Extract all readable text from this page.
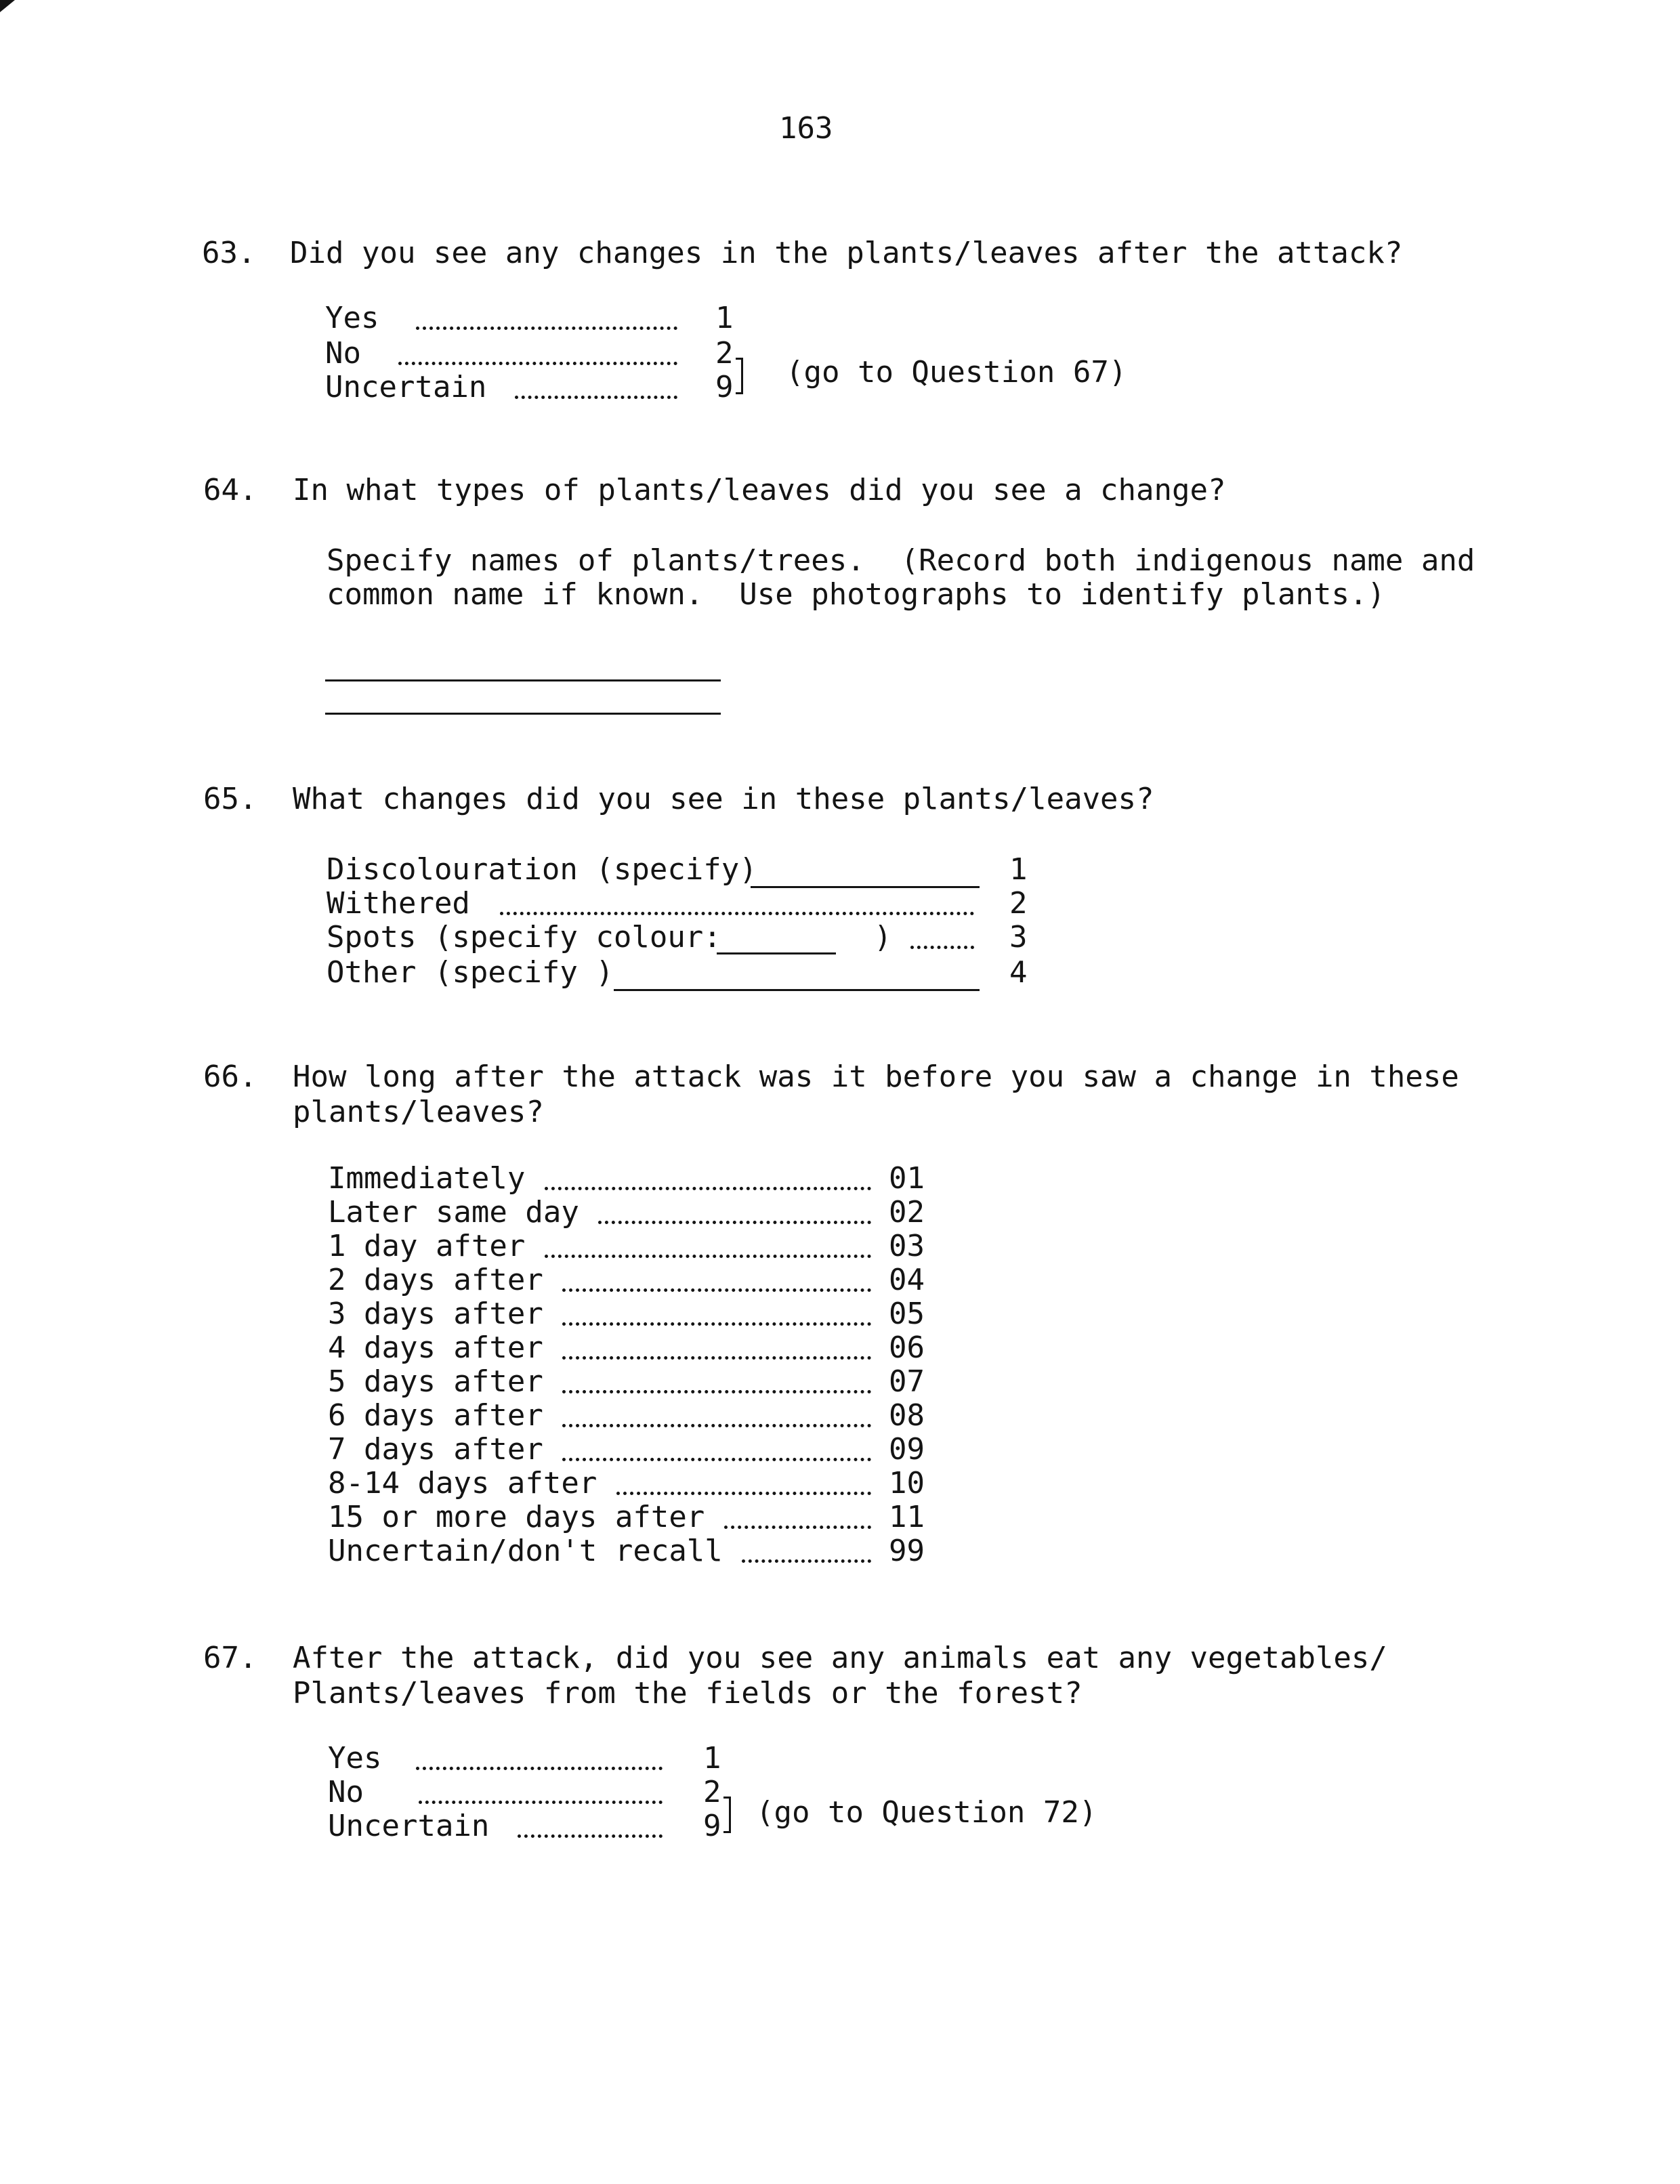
163
63. Did you see any changes in the plants/leaves after the attack?
Yes	1
No	2
Uncertain	9 (go to Question 67)
64. In what types of plants/leaves did you see a change?
Specify names of plants/trees.  (Record both indigenous name and
common name if known.  Use photographs to identify plants.)
65. What changes did you see in these plants/leaves?
Discolouration (specify)	1
Withered	2
Spots (specify colour:	)	3
Other (specify )	4
66. How long after the attack was it before you saw a change in these
plants/leaves?
Immediately	01
Later same day	02
1 day after	03
2 days after	04
3 days after	05
4 days after	06
5 days after	07
6 days after	08
7 days after	09
8-14 days after	10
15 or more days after	11
Uncertain/don't recall	99
67. After the attack, did you see any animals eat any vegetables/
Plants/leaves from the fields or the forest?
Yes	1
No	2
Uncertain	9 (go to Question 72)
